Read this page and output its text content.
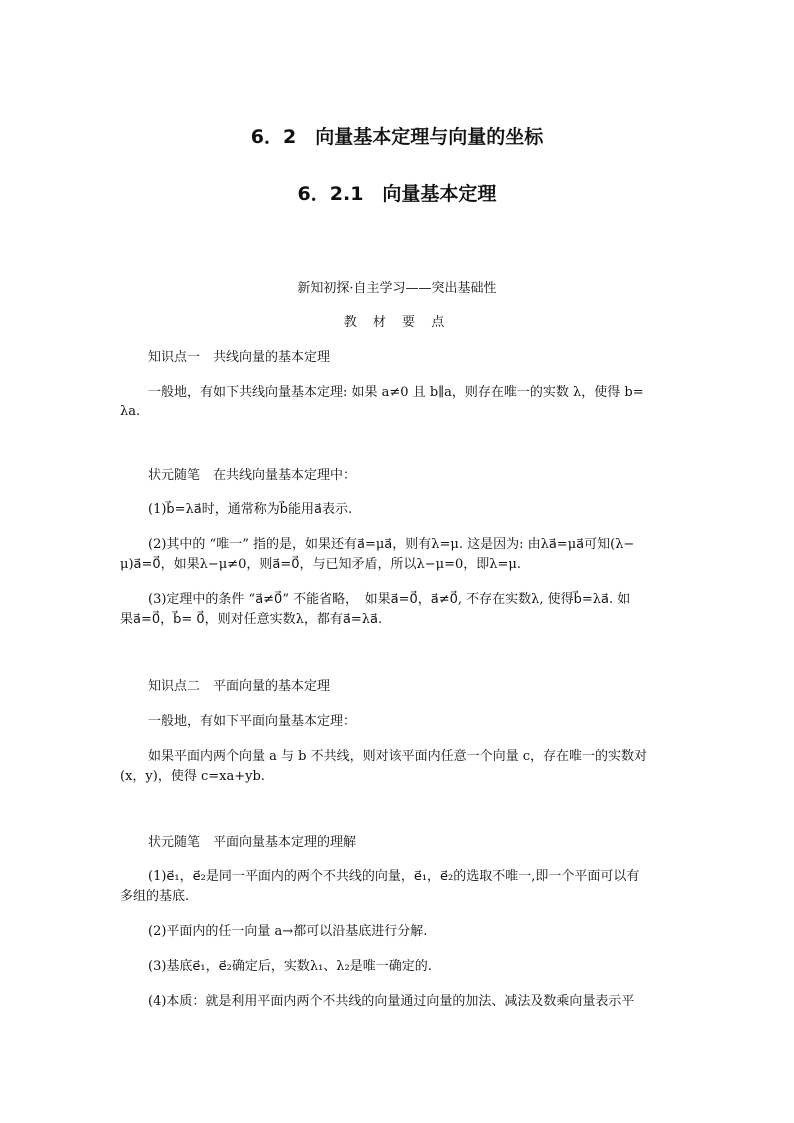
6．2　向量基本定理与向量的坐标
6．2.1　向量基本定理
新知初探·自主学习——突出基础性
教 材 要 点
知识点一　共线向量的基本定理
一般地，有如下共线向量基本定理: 如果 a≠0 且 b∥a，则存在唯一的实数 λ，使得 b=
λa.
状元随笔　在共线向量基本定理中：
(1)b⃗=λa⃗时，通常称为b⃗能用a⃗表示.
(2)其中的 “唯一” 指的是，如果还有a⃗=μa⃗，则有λ=μ. 这是因为: 由λa⃗=μa⃗可知(λ−
μ)a⃗=0⃗，如果λ−μ≠0，则a⃗=0⃗，与已知矛盾，所以λ−μ=0，即λ=μ.
(3)定理中的条件 “a⃗≠0⃗” 不能省略，　如果a⃗=0⃗，a⃗≠0⃗, 不存在实数λ, 使得b⃗=λa⃗. 如
果a⃗=0⃗，b⃗= 0⃗，则对任意实数λ，都有a⃗=λa⃗.
知识点二　平面向量的基本定理
一般地，有如下平面向量基本定理：
如果平面内两个向量 a 与 b 不共线，则对该平面内任意一个向量 c，存在唯一的实数对
(x，y)，使得 c=xa+yb.
状元随笔　平面向量基本定理的理解
(1)e⃗₁，e⃗₂是同一平面内的两个不共线的向量，e⃗₁，e⃗₂的选取不唯一,即一个平面可以有
多组的基底.
(2)平面内的任一向量 a→都可以沿基底进行分解.
(3)基底e⃗₁，e⃗₂确定后，实数λ₁、λ₂是唯一确定的.
(4)本质：就是利用平面内两个不共线的向量通过向量的加法、减法及数乘向量表示平
